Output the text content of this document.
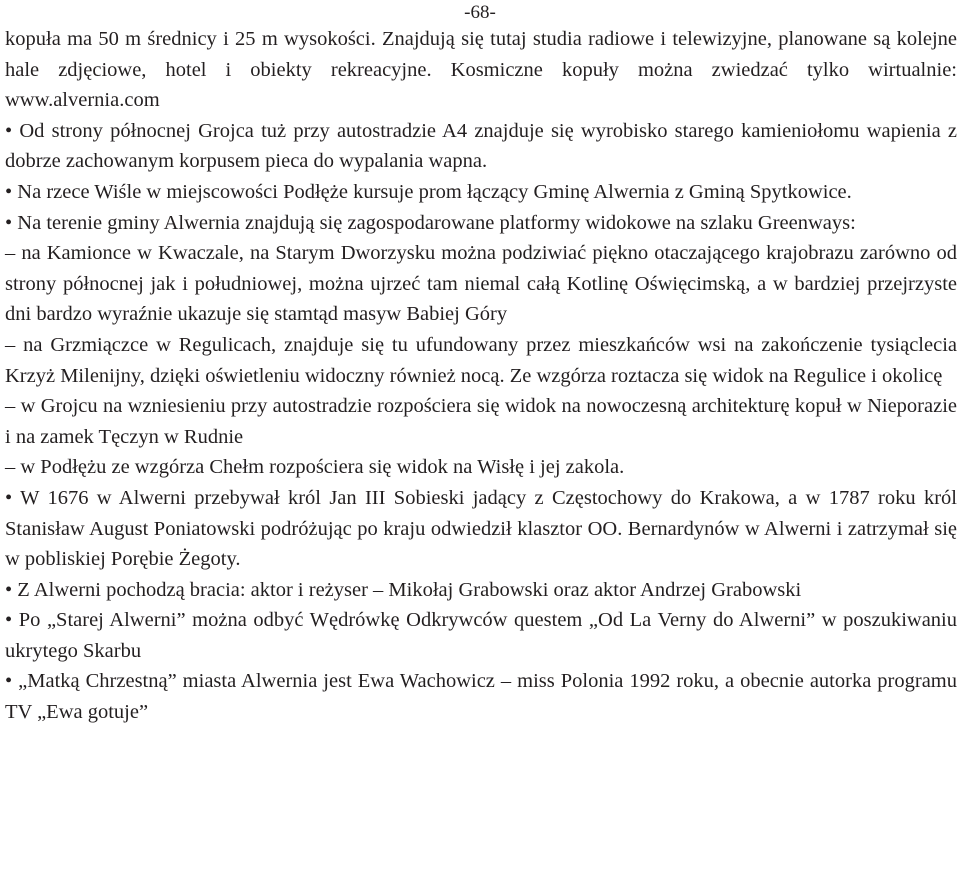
-68-

kopuła ma 50 m średnicy i 25 m wysokości. Znajdują się tutaj studia radiowe i telewizyjne, planowane są kolejne hale zdjęciowe, hotel i obiekty rekreacyjne. Kosmiczne kopuły można zwiedzać tylko wirtualnie: www.alvernia.com

• Od strony północnej Grojca tuż przy autostradzie A4 znajduje się wyrobisko starego kamieniołomu wapienia z dobrze zachowanym korpusem pieca do wypalania wapna.

• Na rzece Wiśle w miejscowości Podłęże kursuje prom łączący Gminę Alwernia z Gminą Spytkowice.

• Na terenie gminy Alwernia znajdują się zagospodarowane platformy widokowe na szlaku Greenways:

– na Kamionce w Kwaczale, na Starym Dworzysku można podziwiać piękno otaczającego krajobrazu zarówno od strony północnej jak i południowej, można ujrzeć tam niemal całą Kotlinę Oświęcimską, a w bardziej przejrzyste dni bardzo wyraźnie ukazuje się stamtąd masyw Babiej Góry

– na Grzmiączce w Regulicach, znajduje się tu ufundowany przez mieszkańców wsi na zakończenie tysiąclecia Krzyż Milenijny, dzięki oświetleniu widoczny również nocą. Ze wzgórza roztacza się widok na Regulice i okolicę

– w Grojcu na wzniesieniu przy autostradzie rozpościera się widok na nowoczesną architekturę kopuł w Nieporazie i na zamek Tęczyn w Rudnie

– w Podłężu ze wzgórza Chełm rozpościera się widok na Wisłę i jej zakola.

• W 1676 w Alwerni przebywał król Jan III Sobieski jadący z Częstochowy do Krakowa, a w 1787 roku król Stanisław August Poniatowski podróżując po kraju odwiedził klasztor OO. Bernardynów w Alwerni i zatrzymał się w pobliskiej Porębie Żegoty.

• Z Alwerni pochodzą bracia: aktor i reżyser – Mikołaj Grabowski oraz aktor Andrzej Grabowski

• Po „Starej Alwerni” można odbyć Wędrówkę Odkrywców questem „Od La Verny do Alwerni” w poszukiwaniu ukrytego Skarbu

• „Matką Chrzestną” miasta Alwernia jest Ewa Wachowicz – miss Polonia 1992 roku, a obecnie autorka programu TV „Ewa gotuje”
